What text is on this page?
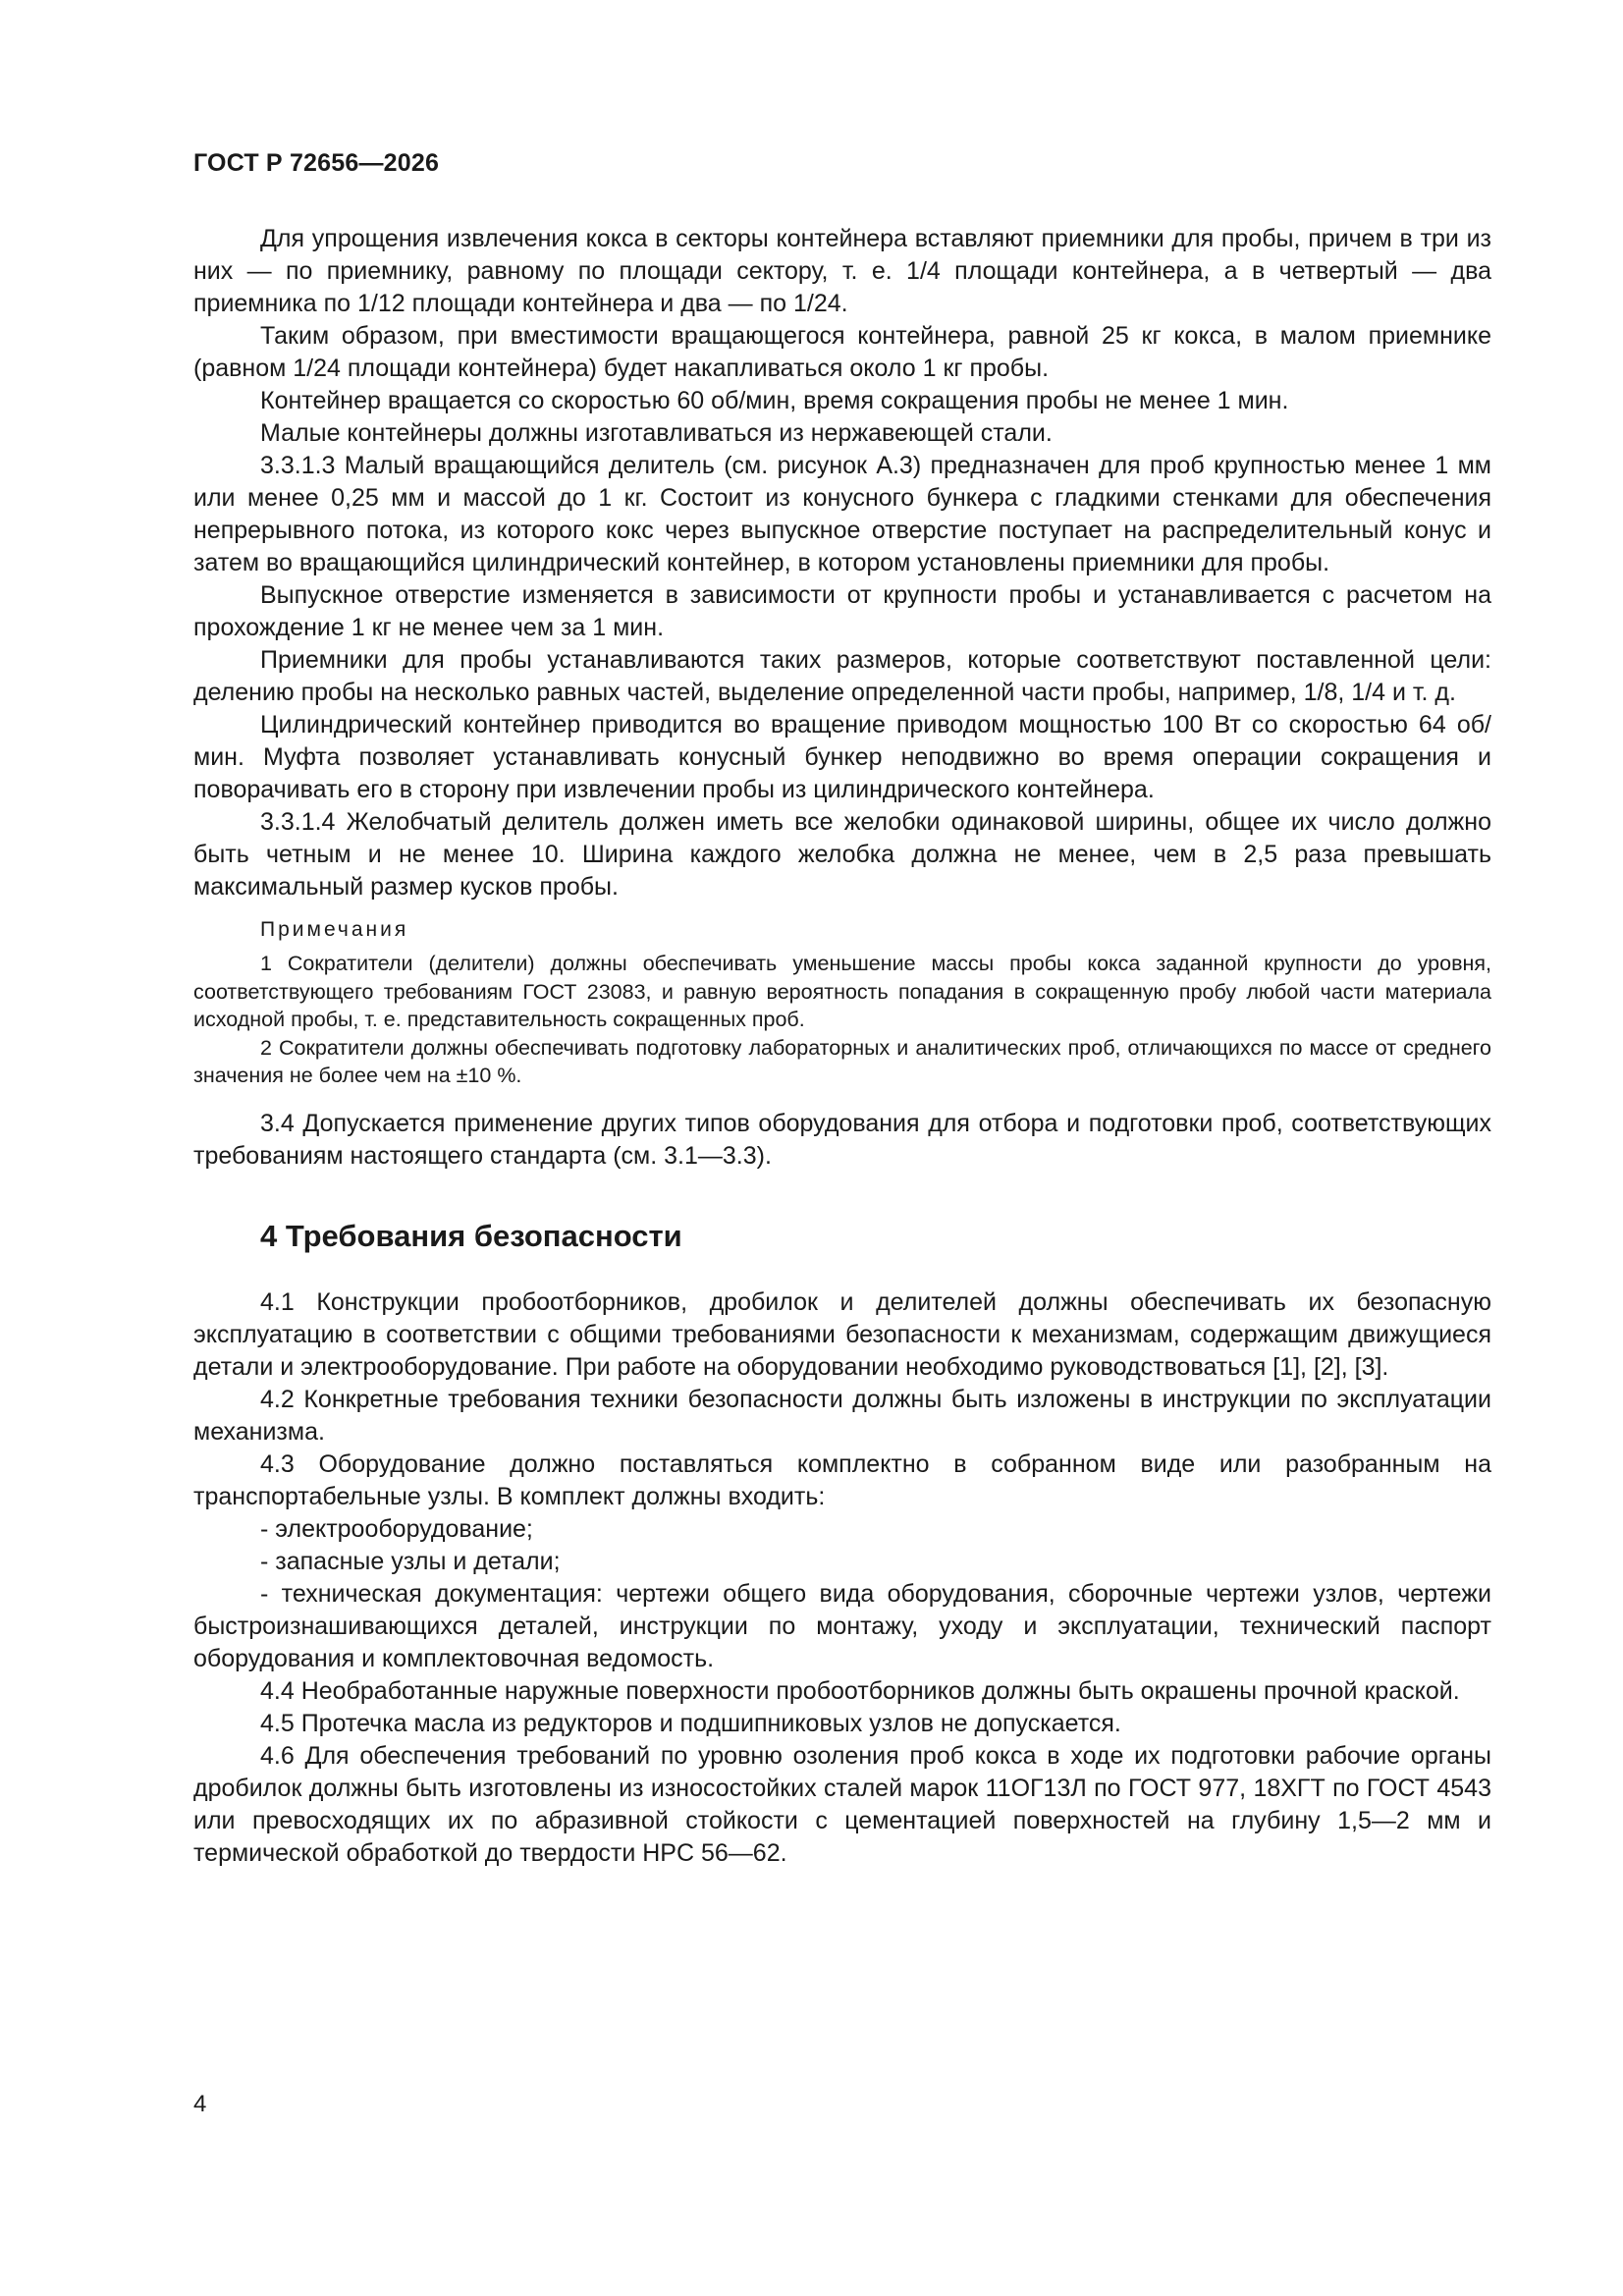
ГОСТ Р 72656—2026

Для упрощения извлечения кокса в секторы контейнера вставляют приемники для пробы, причем в три из них — по приемнику, равному по площади сектору, т. е. 1/4 площади контейнера, а в четвертый — два приемника по 1/12 площади контейнера и два — по 1/24.

Таким образом, при вместимости вращающегося контейнера, равной 25 кг кокса, в малом приемнике (равном 1/24 площади контейнера) будет накапливаться около 1 кг пробы.

Контейнер вращается со скоростью 60 об/мин, время сокращения пробы не менее 1 мин.

Малые контейнеры должны изготавливаться из нержавеющей стали.

3.3.1.3 Малый вращающийся делитель (см. рисунок А.3) предназначен для проб крупностью менее 1 мм или менее 0,25 мм и массой до 1 кг. Состоит из конусного бункера с гладкими стенками для обеспечения непрерывного потока, из которого кокс через выпускное отверстие поступает на распределительный конус и затем во вращающийся цилиндрический контейнер, в котором установлены приемники для пробы.

Выпускное отверстие изменяется в зависимости от крупности пробы и устанавливается с расчетом на прохождение 1 кг не менее чем за 1 мин.

Приемники для пробы устанавливаются таких размеров, которые соответствуют поставленной цели: делению пробы на несколько равных частей, выделение определенной части пробы, например, 1/8, 1/4 и т. д.

Цилиндрический контейнер приводится во вращение приводом мощностью 100 Вт со скоростью 64 об/мин. Муфта позволяет устанавливать конусный бункер неподвижно во время операции сокращения и поворачивать его в сторону при извлечении пробы из цилиндрического контейнера.

3.3.1.4 Желобчатый делитель должен иметь все желобки одинаковой ширины, общее их число должно быть четным и не менее 10. Ширина каждого желобка должна не менее, чем в 2,5 раза превышать максимальный размер кусков пробы.

Примечания

1 Сократители (делители) должны обеспечивать уменьшение массы пробы кокса заданной крупности до уровня, соответствующего требованиям ГОСТ 23083, и равную вероятность попадания в сокращенную пробу любой части материала исходной пробы, т. е. представительность сокращенных проб.

2 Сократители должны обеспечивать подготовку лабораторных и аналитических проб, отличающихся по массе от среднего значения не более чем на ±10 %.

3.4 Допускается применение других типов оборудования для отбора и подготовки проб, соответствующих требованиям настоящего стандарта (см. 3.1—3.3).

4 Требования безопасности

4.1 Конструкции пробоотборников, дробилок и делителей должны обеспечивать их безопасную эксплуатацию в соответствии с общими требованиями безопасности к механизмам, содержащим движущиеся детали и электрооборудование. При работе на оборудовании необходимо руководствоваться [1], [2], [3].

4.2 Конкретные требования техники безопасности должны быть изложены в инструкции по эксплуатации механизма.

4.3 Оборудование должно поставляться комплектно в собранном виде или разобранным на транспортабельные узлы. В комплект должны входить:

- электрооборудование;

- запасные узлы и детали;

- техническая документация: чертежи общего вида оборудования, сборочные чертежи узлов, чертежи быстроизнашивающихся деталей, инструкции по монтажу, уходу и эксплуатации, технический паспорт оборудования и комплектовочная ведомость.

4.4 Необработанные наружные поверхности пробоотборников должны быть окрашены прочной краской.

4.5 Протечка масла из редукторов и подшипниковых узлов не допускается.

4.6 Для обеспечения требований по уровню озоления проб кокса в ходе их подготовки рабочие органы дробилок должны быть изготовлены из износостойких сталей марок 11ОГ13Л по ГОСТ 977, 18ХГТ по ГОСТ 4543 или превосходящих их по абразивной стойкости с цементацией поверхностей на глубину 1,5—2 мм и термической обработкой до твердости HPC 56—62.

4
